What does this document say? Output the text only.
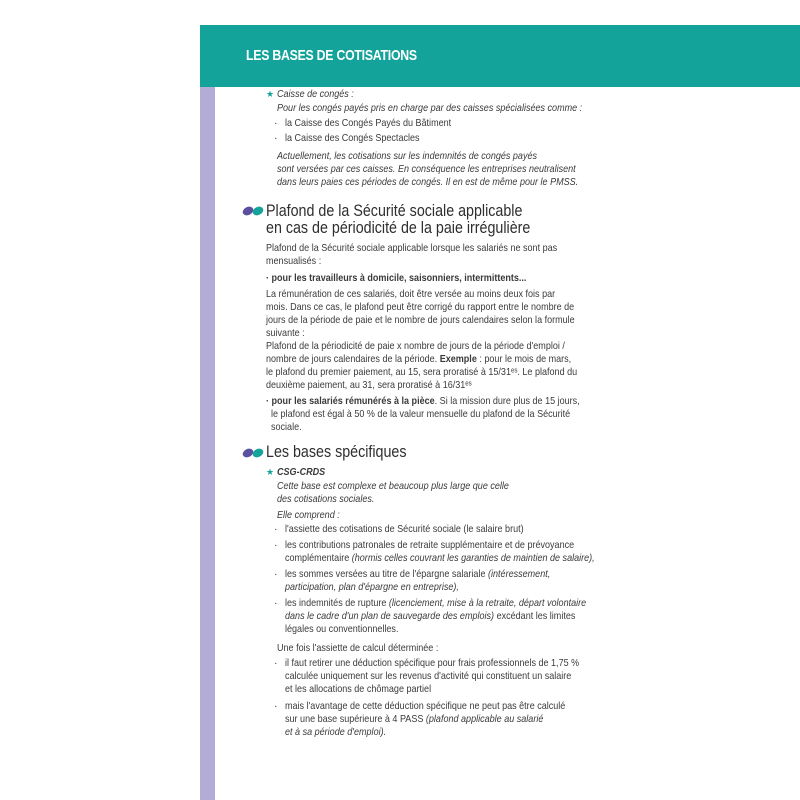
LES BASES DE COTISATIONS
★ Caisse de congés :
Pour les congés payés pris en charge par des caisses spécialisées comme :
· la Caisse des Congés Payés du Bâtiment
· la Caisse des Congés Spectacles
Actuellement, les cotisations sur les indemnités de congés payés
sont versées par ces caisses. En conséquence les entreprises neutralisent
dans leurs paies ces périodes de congés. Il en est de même pour le PMSS.
Plafond de la Sécurité sociale applicable
en cas de périodicité de la paie irrégulière
Plafond de la Sécurité sociale applicable lorsque les salariés ne sont pas
mensualisés :
· pour les travailleurs à domicile, saisonniers, intermittents...
La rémunération de ces salariés, doit être versée au moins deux fois par
mois. Dans ce cas, le plafond peut être corrigé du rapport entre le nombre de
jours de la période de paie et le nombre de jours calendaires selon la formule
suivante :
Plafond de la périodicité de paie x nombre de jours de la période d'emploi /
nombre de jours calendaires de la période. Exemple : pour le mois de mars,
le plafond du premier paiement, au 15, sera proratisé à 15/31ᵉˢ. Le plafond du
deuxième paiement, au 31, sera proratisé à 16/31ᵉˢ
· pour les salariés rémunérés à la pièce. Si la mission dure plus de 15 jours,
le plafond est égal à 50 % de la valeur mensuelle du plafond de la Sécurité
sociale.
Les bases spécifiques
★ CSG-CRDS
Cette base est complexe et beaucoup plus large que celle
des cotisations sociales.
Elle comprend :
· l'assiette des cotisations de Sécurité sociale (le salaire brut)
· les contributions patronales de retraite supplémentaire et de prévoyance
complémentaire (hormis celles couvrant les garanties de maintien de salaire),
· les sommes versées au titre de l'épargne salariale (intéressement,
participation, plan d'épargne en entreprise),
· les indemnités de rupture (licenciement, mise à la retraite, départ volontaire
dans le cadre d'un plan de sauvegarde des emplois) excédant les limites
légales ou conventionnelles.
Une fois l'assiette de calcul déterminée :
· il faut retirer une déduction spécifique pour frais professionnels de 1,75 %
calculée uniquement sur les revenus d'activité qui constituent un salaire
et les allocations de chômage partiel
· mais l'avantage de cette déduction spécifique ne peut pas être calculé
sur une base supérieure à 4 PASS (plafond applicable au salarié
et à sa période d'emploi).
